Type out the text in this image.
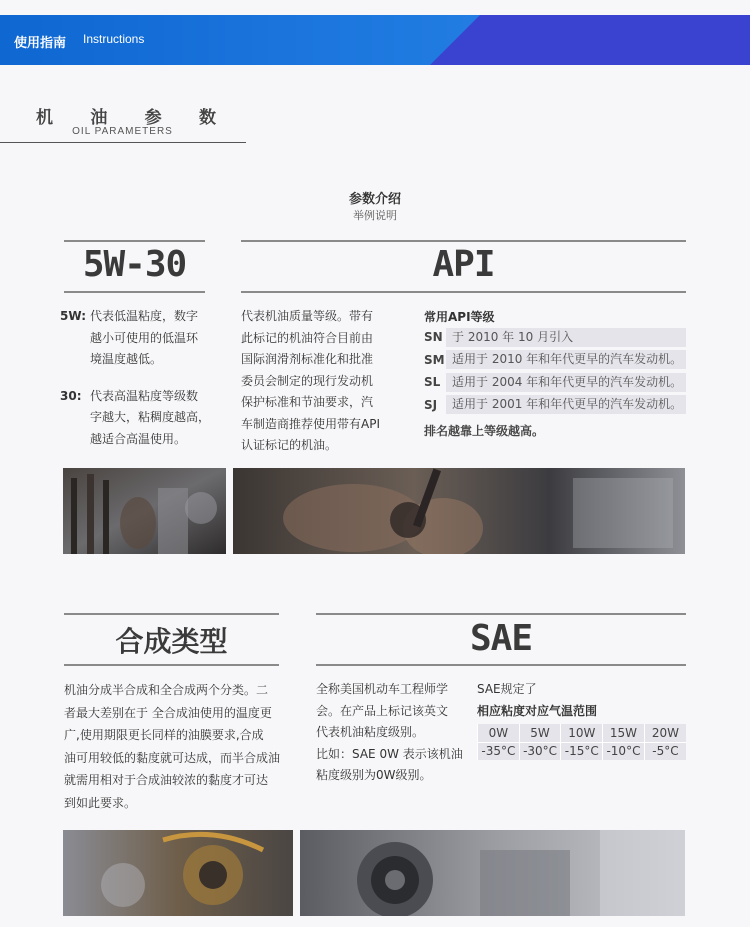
使用指南 Instructions
机 油 参 数
OIL PARAMETERS
参数介绍
举例说明
5W-30
5W: 代表低温粘度，数字
越小可使用的低温环
境温度越低。
30: 代表高温粘度等级数
字越大，粘稠度越高，
越适合高温使用。
API
代表机油质量等级。带有
此标记的机油符合目前由
国际润滑剂标准化和批准
委员会制定的现行发动机
保护标准和节油要求，汽
车制造商推荐使用带有API
认证标记的机油。
常用API等级
SN 于 2010 年 10 月引入
SM 适用于 2010 年和年代更早的汽车发动机。
SL 适用于 2004 年和年代更早的汽车发动机。
SJ	适用于 2001 年和年代更早的汽车发动机。
排名越靠上等级越高。
合成类型
机油分成半合成和全合成两个分类。二
者最大差别在于 全合成油使用的温度更
广,使用期限更长同样的油膜要求,合成
油可用较低的黏度就可达成，而半合成油
就需用相对于合成油较浓的黏度才可达
到如此要求。
SAE
全称美国机动车工程师学
会。在产品上标记该英文
代表机油粘度级别。
比如：SAE 0W 表示该机油
粘度级别为0W级别。
SAE规定了
相应粘度对应气温范围
0W	5W	10W	15W	20W
-35°C	-30°C	-15°C	-10°C	-5°C
